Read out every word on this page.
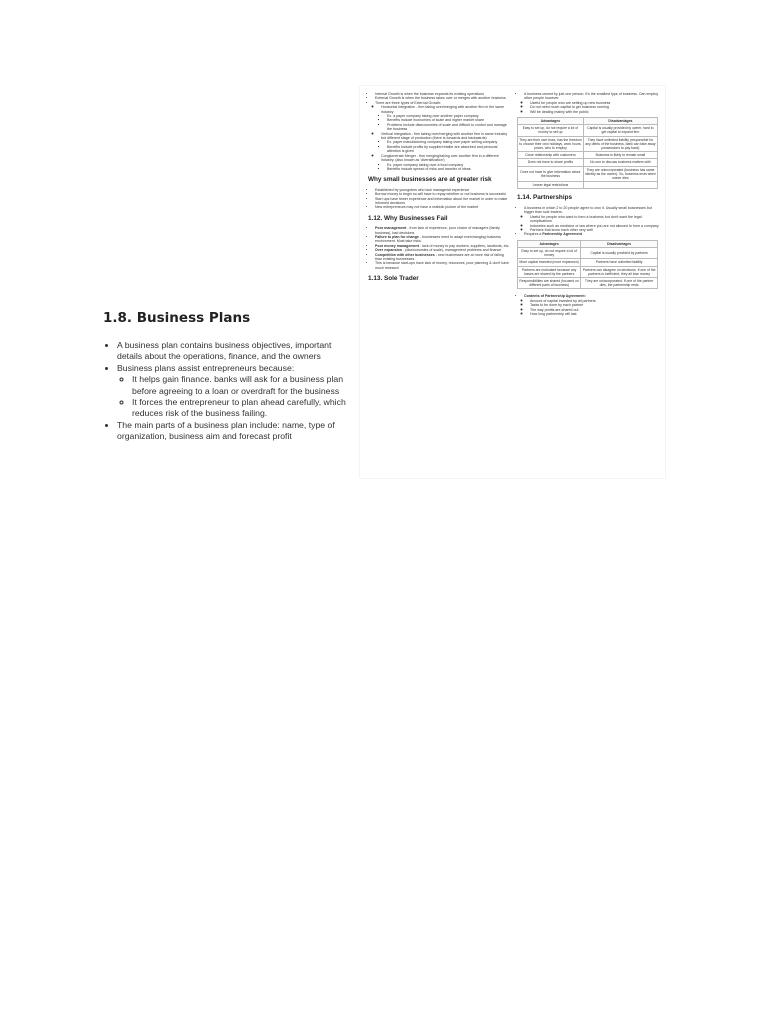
1.8. Business Plans
• A business plan contains business objectives, important details about the operations, finance, and the owners
• Business plans assist entrepreneurs because:
◦ It helps gain finance. banks will ask for a business plan before agreeing to a loan or overdraft for the business
◦ It forces the entrepreneur to plan ahead carefully, which reduces risk of the business failing.
• The main parts of a business plan include: name, type of organization, business aim and forecast profit
• Internal Growth is when the business expands its existing operations
• External Growth is when the business takes over or merges with another business.
• There are three types of External Growth:
◦ Horizontal Integration - firm taking over/merging with another firm in the same industry
▪ Ex. a paper company taking over another paper company
▪ Benefits include economies of scale and higher market share
▪ Problems include diseconomies of scale and difficult to control and manage the business
◦ Vertical Integration - firm taking over/merging with another firm in same industry but different stage of production (there is forwards and backwards)
▪ Ex. paper manufacturing company taking over paper selling company
▪ Benefits include profits by supplier/retailer are absorbed and personal attention is given
◦ Conglomerate Merger - firm merging/taking over another firm in a different industry. (also known as 'diversification')
▪ Ex. paper company taking over a food company
▪ Benefits include spread of risks and transfer of ideas
Why small businesses are at greater risk
• Established by youngsters who lack managerial experience
• Borrow money to begin so will have to repay whether or not business is successful
• Start ups have fewer experience and information about the market in order to make informed decisions
• New entrepreneurs may not have a realistic picture of the market
1.12. Why Businesses Fail
• Poor management - from lack of experience, poor choice of managers (family business), bad decisions
• Failure to plan for change - businesses need to adapt everchanging business environment. Must take risks.
• Poor money management - lack of money to pay workers, suppliers, landlords, etc.
• Over expansion - (diseconomies of scale), management problems and finance
• Competition with other businesses - new businesses are at more risk of failing than existing businesses.
• This is because start-ups have lack of money, resources, poor planning & don't have much research
1.13. Sole Trader
• A business owned by just one person. It's the smallest type of business. Can employ other people however.
◦ Useful for people who are setting up new business
◦ Do not need much capital to get business running
◦ Will be dealing mainly with the public
Advantages	Disadvantages
Easy to set up, do not require a lot of money to set up	Capital is usually provided by owner, hard to get capital to expand firm
They are their own boss, has the freedom to choose their own holidays, work hours, prices, who to employ	They have unlimited liability (responsible for any debts of the business, bank can take away possessions to pay back)
Close relationship with customers	Business is likely to remain small
Does not have to share profits	No one to discuss business matters with
Does not have to give information about the business	They are unincorporated (business has same identity as the owner). So, business ends when owner dies
Lesser legal restrictions	
1.14. Partnerships
• A business in which 2 to 20 people agree to own it. Usually small businesses but bigger than sole traders.
◦ Useful for people who want to form a business but don't want the legal complications
◦ Industries such as medicine or law where you are not allowed to form a company
◦ Partners that know each other very well
• Requires a Partnership Agreement
Advantages	Disadvantages
Easy to set up, do not require a lot of money	Capital is usually provided by partners
More capital invested (more expansion)	Partners have unlimited liability
Partners are motivated because any losses are shared by the partners	Partners can disagree on decisions. If one of the partners is inefficient, they all lose money
Responsibilities are shared (focused on different parts of business)	They are unincorporated. If one of the partner dies, the partnership ends
• Contents of Partnership Agreement:
◦ Amount of capital invested by all partners
◦ Tasks to be done by each partner
◦ The way profits are shared out
◦ How long partnership will last
